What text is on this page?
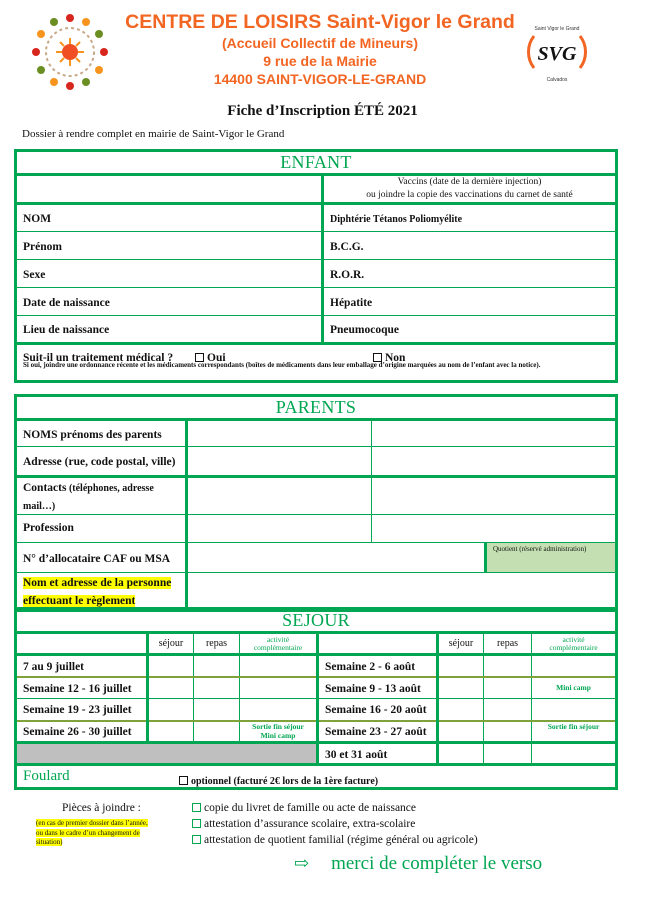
CENTRE DE LOISIRS Saint-Vigor le Grand
(Accueil Collectif de Mineurs)
9 rue de la Mairie
14400 SAINT-VIGOR-LE-GRAND
SVG
Saint Vigor le Grand
Calvados
Fiche d’Inscription ÉTÉ 2021
Dossier à rendre complet en mairie de Saint-Vigor le Grand
ENFANT	

	Vaccins (date de la dernière injection)
ou joindre la copie des vaccinations du carnet de santé

NOM	Diphtérie Tétanos Poliomyélite
Prénom	B.C.G.
Sexe	R.O.R.
Date de naissance	Hépatite
Lieu de naissance	Pneumocoque

Suit-il un traitement médical ? Oui Non
Si oui, joindre une ordonnance récente et les médicaments correspondants (boîtes de médicaments dans leur emballage d’origine marquées au nom de l’enfant avec la notice).	
PARENTS			
NOMS prénoms des parents			
Adresse (rue, code postal, ville)			
Contacts (téléphones, adresse mail…)			
Profession			
N° d’allocataire CAF ou MSA			Quotient (réservé administration)
Nom et adresse de la personne effectuant le règlement			
SEJOUR							
	séjour	repas	activité complémentaire		séjour	repas	activité complémentaire
7 au 9 juillet				Semaine 2 - 6 août			

Semaine 12 - 16 juillet				Semaine 9 - 13 août			Mini camp

Semaine 19 - 23 juillet				Semaine 16 - 20 août			

Semaine 26 - 30 juillet			Sortie fin séjour Mini camp	Semaine 23 - 27 août			Sortie fin séjour

				30 et 31 août			

Foulard optionnel (facturé 2€ lors de la 1ère facture)							
Pièces à joindre :
(en cas de premier dossier dans l’année, ou dans le cadre d’un changement de situation)
copie du livret de famille ou acte de naissance
attestation d’assurance scolaire, extra-scolaire
attestation de quotient familial (régime général ou agricole)
⇨ merci de compléter le verso
